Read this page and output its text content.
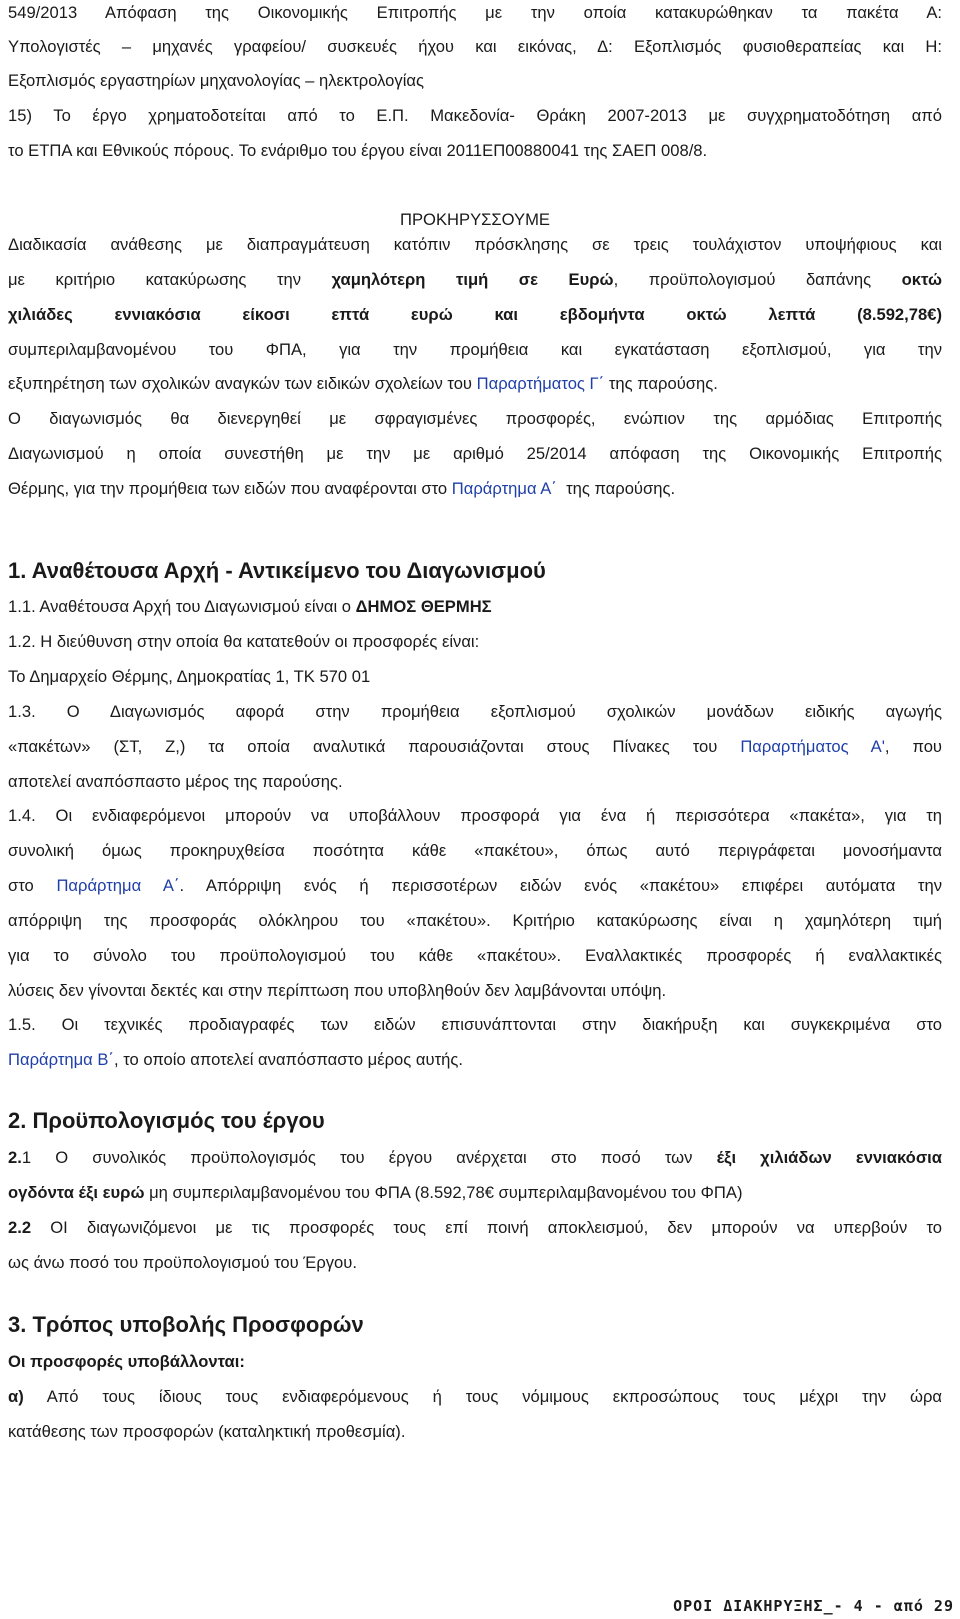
549/2013 Απόφαση της Οικονομικής Επιτροπής με την οποία κατακυρώθηκαν τα πακέτα Α:
Υπολογιστές – μηχανές γραφείου/ συσκευές ήχου και εικόνας, Δ: Εξοπλισμός φυσιοθεραπείας και Η:
Εξοπλισμός εργαστηρίων μηχανολογίας – ηλεκτρολογίας
15) Το έργο χρηματοδοτείται από το Ε.Π. Μακεδονία- Θράκη 2007-2013 με συγχρηματοδότηση από
το ΕΤΠΑ και Εθνικούς πόρους. Το ενάριθμο του έργου είναι 2011ΕΠ00880041 της ΣΑΕΠ 008/8.
ΠΡΟΚΗΡΥΣΣΟΥΜΕ
Διαδικασία ανάθεσης με διαπραγμάτευση κατόπιν πρόσκλησης σε τρεις τουλάχιστον υποψήφιους και
με κριτήριο κατακύρωσης την χαμηλότερη τιμή σε Ευρώ, προϋπολογισμού δαπάνης οκτώ
χιλιάδες εννιακόσια είκοσι επτά ευρώ και εβδομήντα οκτώ λεπτά (8.592,78€)
συμπεριλαμβανομένου του ΦΠΑ, για την προμήθεια και εγκατάσταση εξοπλισμού, για την
εξυπηρέτηση των σχολικών αναγκών των ειδικών σχολείων του Παραρτήματος Γ΄ της παρούσης.
Ο διαγωνισμός θα διενεργηθεί με σφραγισμένες προσφορές, ενώπιον της αρμόδιας Επιτροπής
Διαγωνισμού η οποία συνεστήθη με την με αριθμό 25/2014 απόφαση της Οικονομικής Επιτροπής
Θέρμης, για την προμήθεια των ειδών που αναφέρονται στο Παράρτημα Α΄ της παρούσης.
1. Αναθέτουσα Αρχή - Αντικείμενο του Διαγωνισμού
1.1. Αναθέτουσα Αρχή του Διαγωνισμού είναι ο ΔΗΜΟΣ ΘΕΡΜΗΣ
1.2. Η διεύθυνση στην οποία θα κατατεθούν οι προσφορές είναι:
Το Δημαρχείο Θέρμης, Δημοκρατίας 1, ΤΚ 570 01
1.3. Ο Διαγωνισμός αφορά στην προμήθεια εξοπλισμού σχολικών μονάδων ειδικής αγωγής
«πακέτων» (ΣΤ, Ζ,) τα οποία αναλυτικά παρουσιάζονται στους Πίνακες του Παραρτήματος Α', που
αποτελεί αναπόσπαστο μέρος της παρούσης.
1.4. Οι ενδιαφερόμενοι μπορούν να υποβάλλουν προσφορά για ένα ή περισσότερα «πακέτα», για τη
συνολική όμως προκηρυχθείσα ποσότητα κάθε «πακέτου», όπως αυτό περιγράφεται μονοσήμαντα
στο Παράρτημα Α΄. Απόρριψη ενός ή περισσοτέρων ειδών ενός «πακέτου» επιφέρει αυτόματα την
απόρριψη της προσφοράς ολόκληρου του «πακέτου». Κριτήριο κατακύρωσης είναι η χαμηλότερη τιμή
για το σύνολο του προϋπολογισμού του κάθε «πακέτου». Εναλλακτικές προσφορές ή εναλλακτικές
λύσεις δεν γίνονται δεκτές και στην περίπτωση που υποβληθούν δεν λαμβάνονται υπόψη.
1.5. Οι τεχνικές προδιαγραφές των ειδών επισυνάπτονται στην διακήρυξη και συγκεκριμένα στο
Παράρτημα Β΄, το οποίο αποτελεί αναπόσπαστο μέρος αυτής.
2. Προϋπολογισμός του έργου
2.1 Ο συνολικός προϋπολογισμός του έργου ανέρχεται στο ποσό των έξι χιλιάδων εννιακόσια
ογδόντα έξι ευρώ μη συμπεριλαμβανομένου του ΦΠΑ (8.592,78€ συμπεριλαμβανομένου του ΦΠΑ)
2.2 ΟΙ διαγωνιζόμενοι με τις προσφορές τους επί ποινή αποκλεισμού, δεν μπορούν να υπερβούν το
ως άνω ποσό του προϋπολογισμού του Έργου.
3. Τρόπος υποβολής Προσφορών
Οι προσφορές υποβάλλονται:
α) Από τους ίδιους τους ενδιαφερόμενους ή τους νόμιμους εκπροσώπους τους μέχρι την ώρα
κατάθεσης των προσφορών (καταληκτική προθεσμία).
ΟΡΟΙ ΔΙΑΚΗΡΥΞΗΣ_- 4 - από 29
